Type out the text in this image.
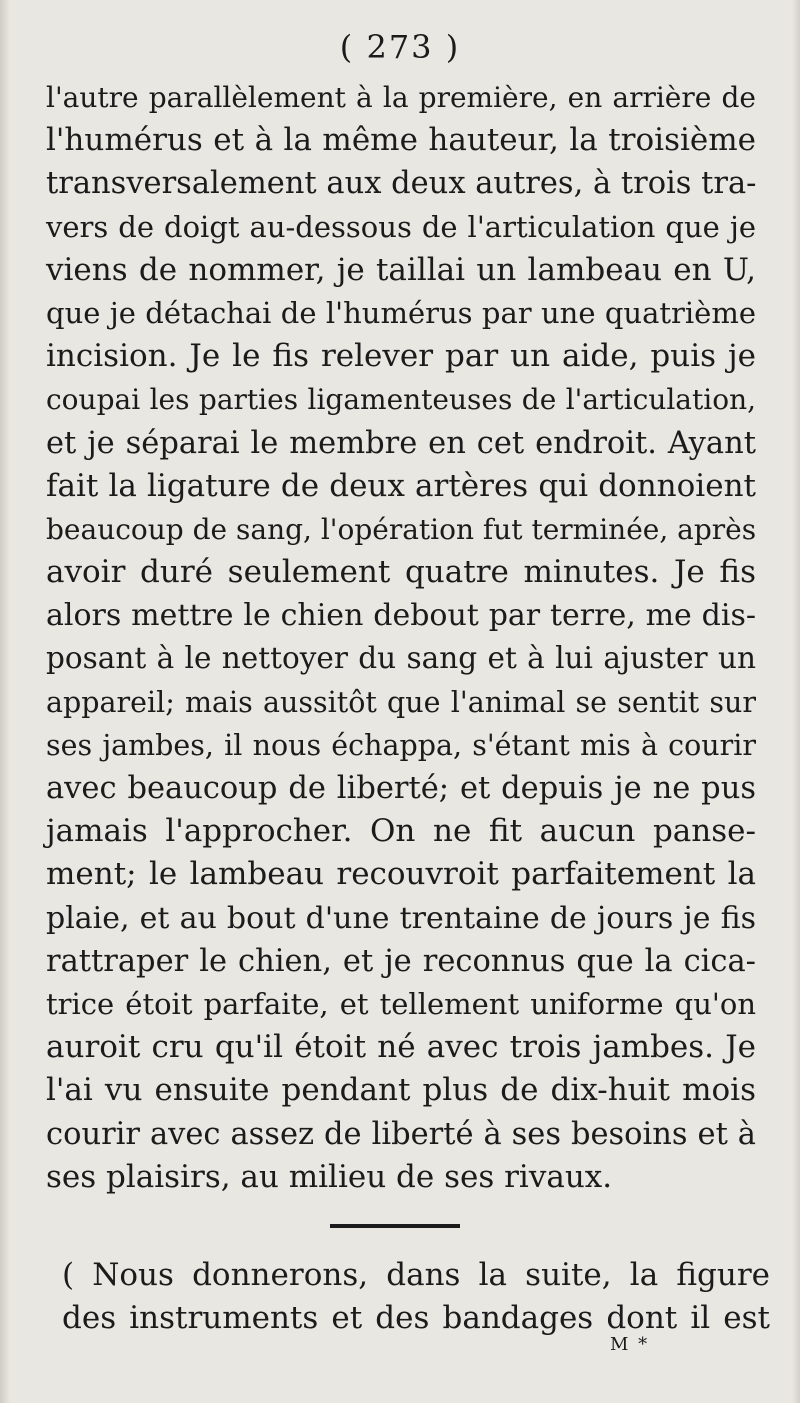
( 273 )
l'autre parallèlement à la première, en arrière de
l'humérus et à la même hauteur, la troisième
transversalement aux deux autres, à trois tra-
vers de doigt au-dessous de l'articulation que je
viens de nommer, je taillai un lambeau en U,
que je détachai de l'humérus par une quatrième
incision. Je le fis relever par un aide, puis je
coupai les parties ligamenteuses de l'articulation,
et je séparai le membre en cet endroit. Ayant
fait la ligature de deux artères qui donnoient
beaucoup de sang, l'opération fut terminée, après
avoir duré seulement quatre minutes. Je fis
alors mettre le chien debout par terre, me dis-
posant à le nettoyer du sang et à lui ajuster un
appareil; mais aussitôt que l'animal se sentit sur
ses jambes, il nous échappa, s'étant mis à courir
avec beaucoup de liberté; et depuis je ne pus
jamais l'approcher. On ne fit aucun panse-
ment; le lambeau recouvroit parfaitement la
plaie, et au bout d'une trentaine de jours je fis
rattraper le chien, et je reconnus que la cica-
trice étoit parfaite, et tellement uniforme qu'on
auroit cru qu'il étoit né avec trois jambes. Je
l'ai vu ensuite pendant plus de dix-huit mois
courir avec assez de liberté à ses besoins et à
ses plaisirs, au milieu de ses rivaux.
( Nous donnerons, dans la suite, la figure
des instruments et des bandages dont il est
M *
